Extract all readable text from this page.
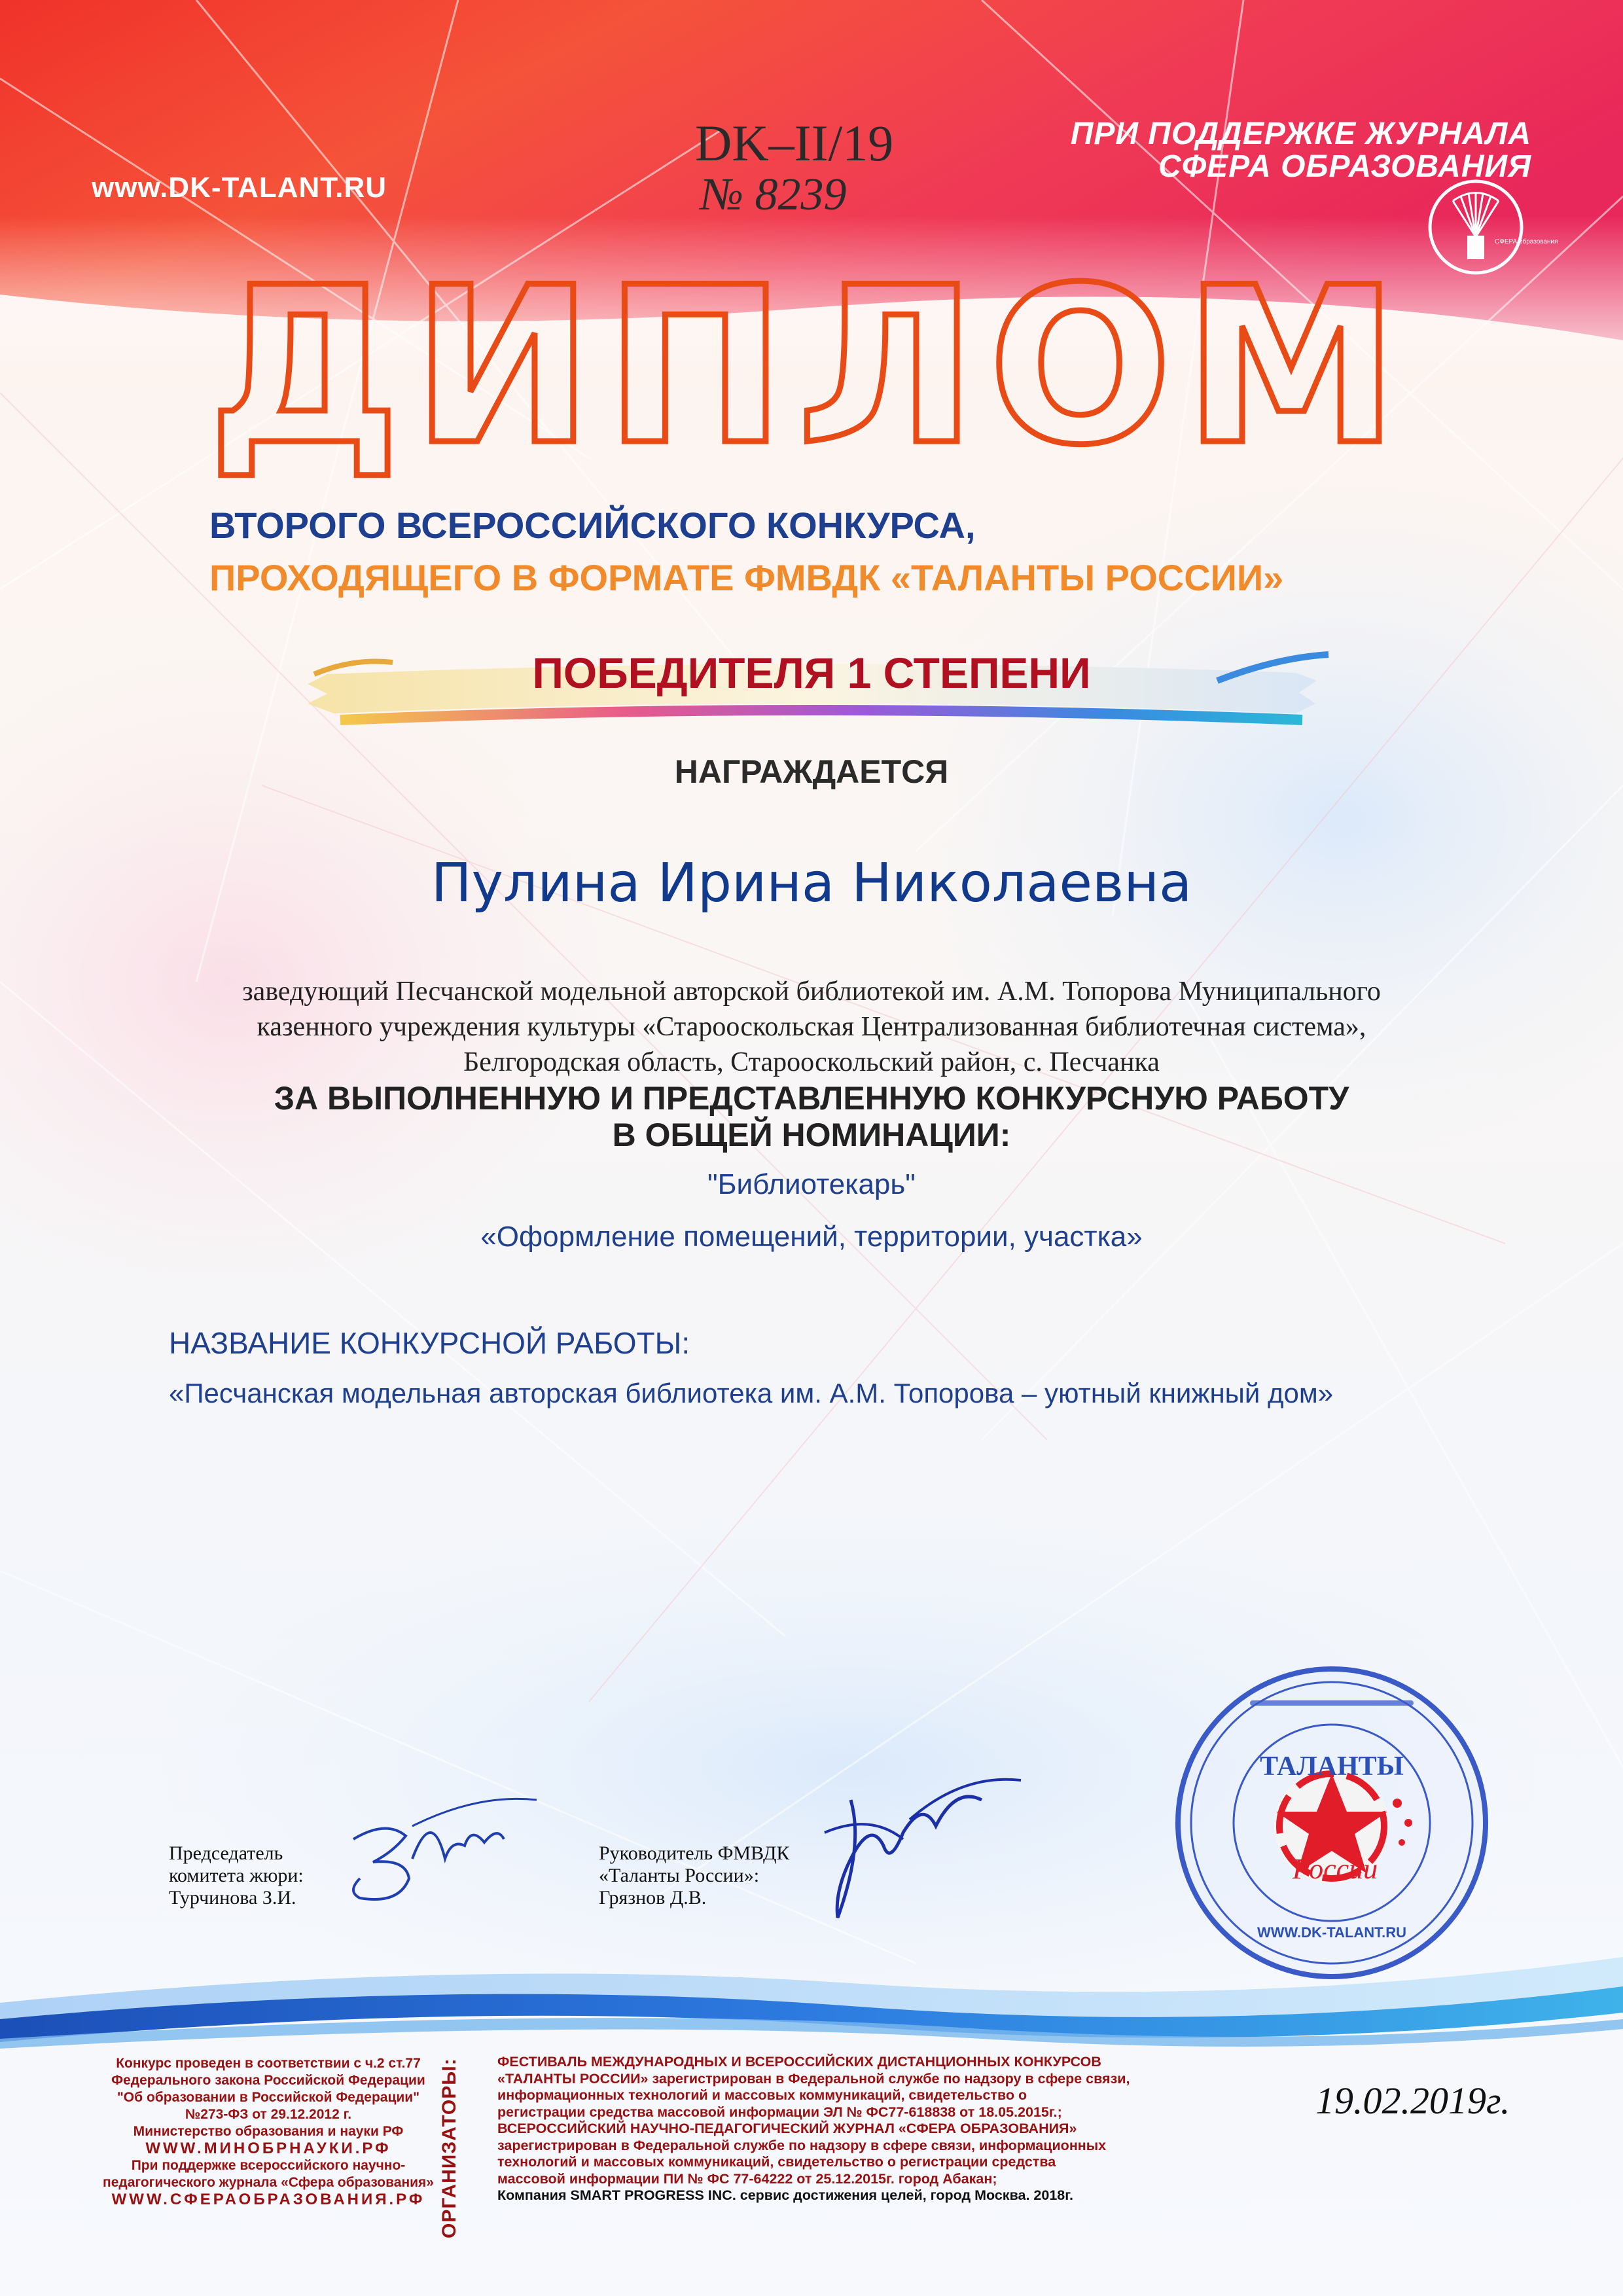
www.DK-TALANT.RU
DK–II/19
№ 8239
ПРИ ПОДДЕРЖКЕ ЖУРНАЛА
СФЕРА ОБРАЗОВАНИЯ
СФЕРА образования
ДИПЛОМ
ВТОРОГО ВСЕРОССИЙСКОГО КОНКУРСА,
ПРОХОДЯЩЕГО В ФОРМАТЕ ФМВДК «ТАЛАНТЫ РОССИИ»
ПОБЕДИТЕЛЯ 1 СТЕПЕНИ
НАГРАЖДАЕТСЯ
Пулина Ирина Николаевна
заведующий Песчанской модельной авторской библиотекой им. А.М. Топорова Муниципального
казенного учреждения культуры «Старооскольская Централизованная библиотечная система»,
Белгородская область, Старооскольский район, с. Песчанка
ЗА ВЫПОЛНЕННУЮ И ПРЕДСТАВЛЕННУЮ КОНКУРСНУЮ РАБОТУ
В ОБЩЕЙ НОМИНАЦИИ:
"Библиотекарь"
«Оформление помещений, территории, участка»
НАЗВАНИЕ КОНКУРСНОЙ РАБОТЫ:
«Песчанская модельная авторская библиотека им. А.М. Топорова – уютный книжный дом»
Председатель
комитета жюри:
Турчинова З.И.
Руководитель ФМВДК
«Таланты России»:
Грязнов Д.В.
ТАЛАНТЫ
России
WWW.DK-TALANT.RU
Конкурс проведен в соответствии с ч.2 ст.77
Федерального закона Российской Федерации
"Об образовании в Российской Федерации"
№273-ФЗ от 29.12.2012 г.
Министерство образования и науки РФ
WWW.МИНОБРНАУКИ.РФ
При поддержке всероссийского научно-
педагогического журнала «Сфера образования»
WWW.СФЕРАОБРАЗОВАНИЯ.РФ ОРГАНИЗАТОРЫ:	ФЕСТИВАЛЬ МЕЖДУНАРОДНЫХ И ВСЕРОССИЙСКИХ ДИСТАНЦИОННЫХ КОНКУРСОВ
«ТАЛАНТЫ РОССИИ» зарегистрирован в Федеральной службе по надзору в сфере связи,
информационных технологий и массовых коммуникаций, свидетельство о
регистрации средства массовой информации ЭЛ № ФС77-618838 от 18.05.2015г.;
ВСЕРОССИЙСКИЙ НАУЧНО-ПЕДАГОГИЧЕСКИЙ ЖУРНАЛ «СФЕРА ОБРАЗОВАНИЯ»
зарегистрирован в Федеральной службе по надзору в сфере связи, информационных
технологий и массовых коммуникаций, свидетельство о регистрации средства
массовой информации ПИ № ФС 77-64222 от 25.12.2015г. город Абакан;
Компания SMART PROGRESS INC. сервис достижения целей, город Москва. 2018г.
19.02.2019г.
